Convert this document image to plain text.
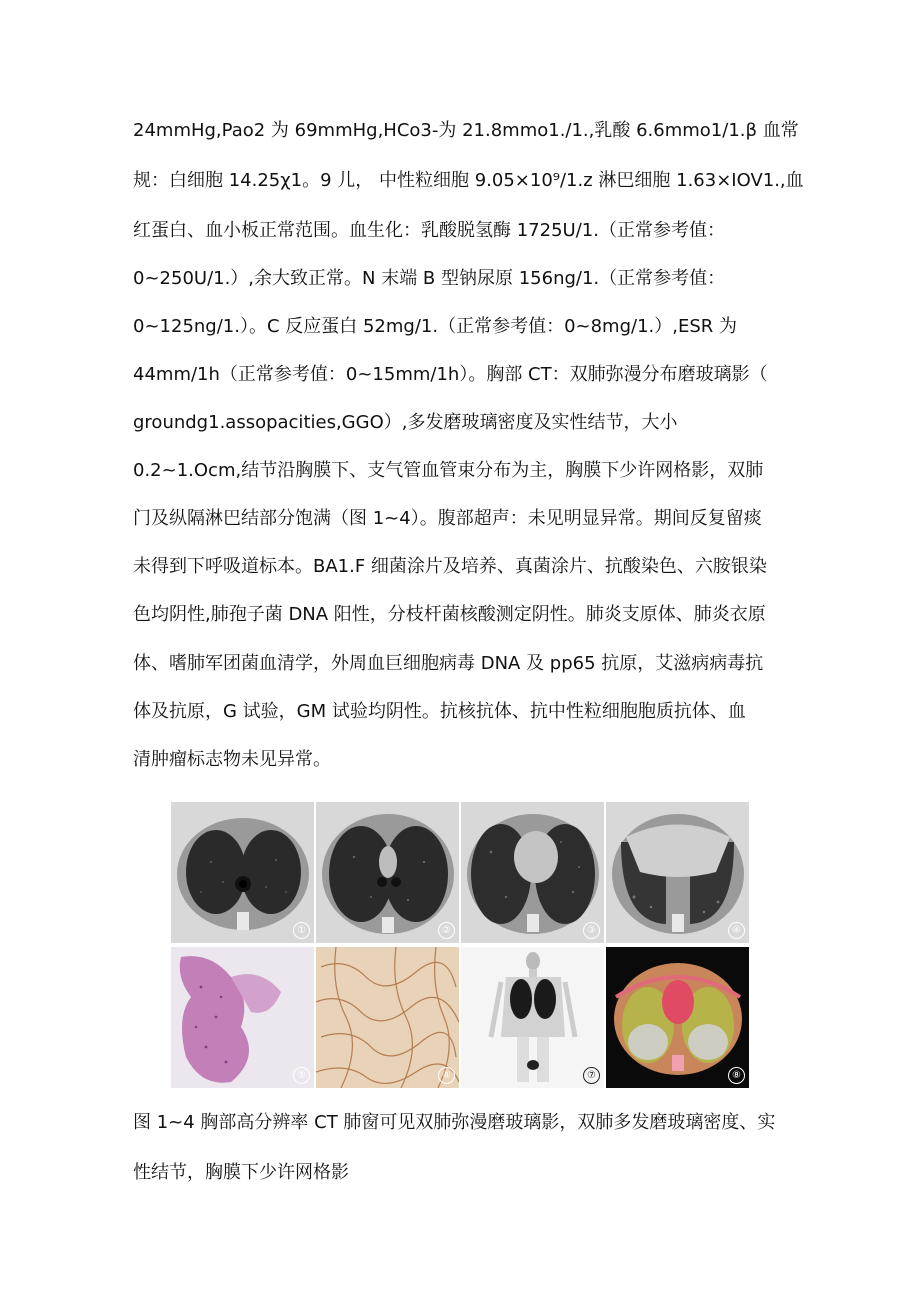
24mmHg,Pao2 为 69mmHg,HCo3-为 21.8mmo1./1.,乳酸 6.6mmo1∕1.β 血常
规：白细胞 14.25χ1。9 儿， 中性粒细胞 9.05×10⁹∕1.z 淋巴细胞 1.63×IOV1.,血
红蛋白、血小板正常范围。血生化：乳酸脱氢酶 1725U∕1.（正常参考值：
0~250U/1.）,余大致正常。N 末端 B 型钠尿原 156ng/1.（正常参考值：
0~125ng/1.）。C 反应蛋白 52mg/1.（正常参考值：0~8mg/1.）,ESR 为
44mm/1h（正常参考值：0~15mm/1h）。胸部 CT：双肺弥漫分布磨玻璃影（
groundg1.assopacities,GGO）,多发磨玻璃密度及实性结节，大小
0.2~1.Ocm,结节沿胸膜下、支气管血管束分布为主，胸膜下少许网格影，双肺
门及纵隔淋巴结部分饱满（图 1~4）。腹部超声：未见明显异常。期间反复留痰
未得到下呼吸道标本。BA1.F 细菌涂片及培养、真菌涂片、抗酸染色、六胺银染
色均阴性,肺孢子菌 DNA 阳性，分枝杆菌核酸测定阴性。肺炎支原体、肺炎衣原
体、嗜肺军团菌血清学，外周血巨细胞病毒 DNA 及 pp65 抗原，艾滋病病毒抗
体及抗原，G 试验，GM 试验均阴性。抗核抗体、抗中性粒细胞胞质抗体、血
清肿瘤标志物未见异常。
①	②	③	④
⑤	⑥	⑦	⑧
图 1~4 胸部高分辨率 CT 肺窗可见双肺弥漫磨玻璃影，双肺多发磨玻璃密度、实
性结节，胸膜下少许网格影
